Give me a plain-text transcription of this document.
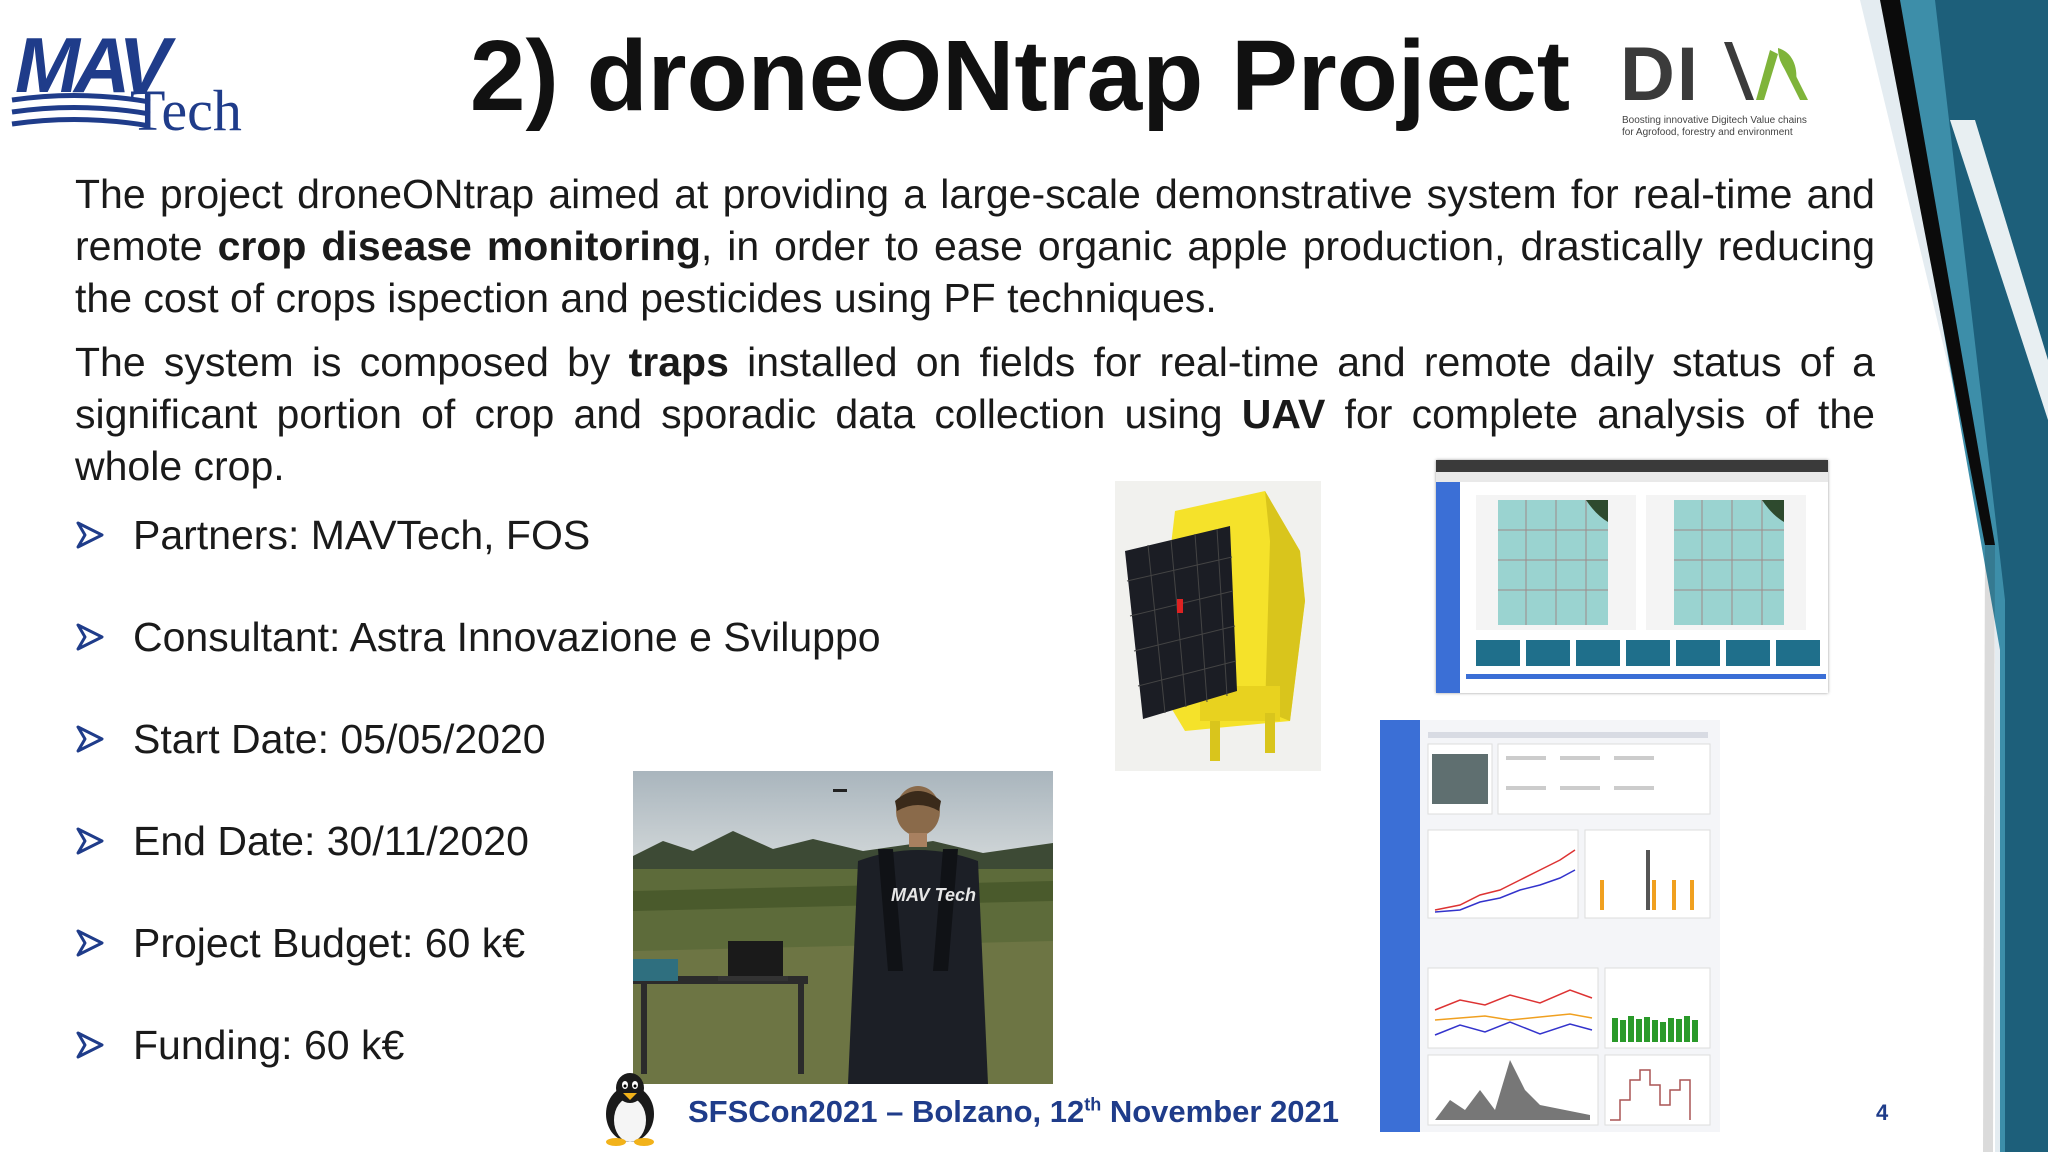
MAV
Tech	2) droneONtrap Project DI
Boosting innovative Digitech Value chains
for Agrofood, forestry and environment
The project droneONtrap aimed at providing a large-scale demonstrative system for real-time and remote crop disease monitoring, in order to ease organic apple production, drastically reducing the cost of crops ispection and pesticides using PF techniques.
The system is composed by traps installed on fields for real-time and remote daily status of a significant portion of crop and sporadic data collection using UAV for complete analysis of the whole crop.
Partners: MAVTech, FOS
Consultant: Astra Innovazione e Sviluppo
Start Date: 05/05/2020
End Date: 30/11/2020
Project Budget: 60 k€
Funding: 60 k€
MAV Tech
SFSCon2021 – Bolzano, 12th November 2021	4
